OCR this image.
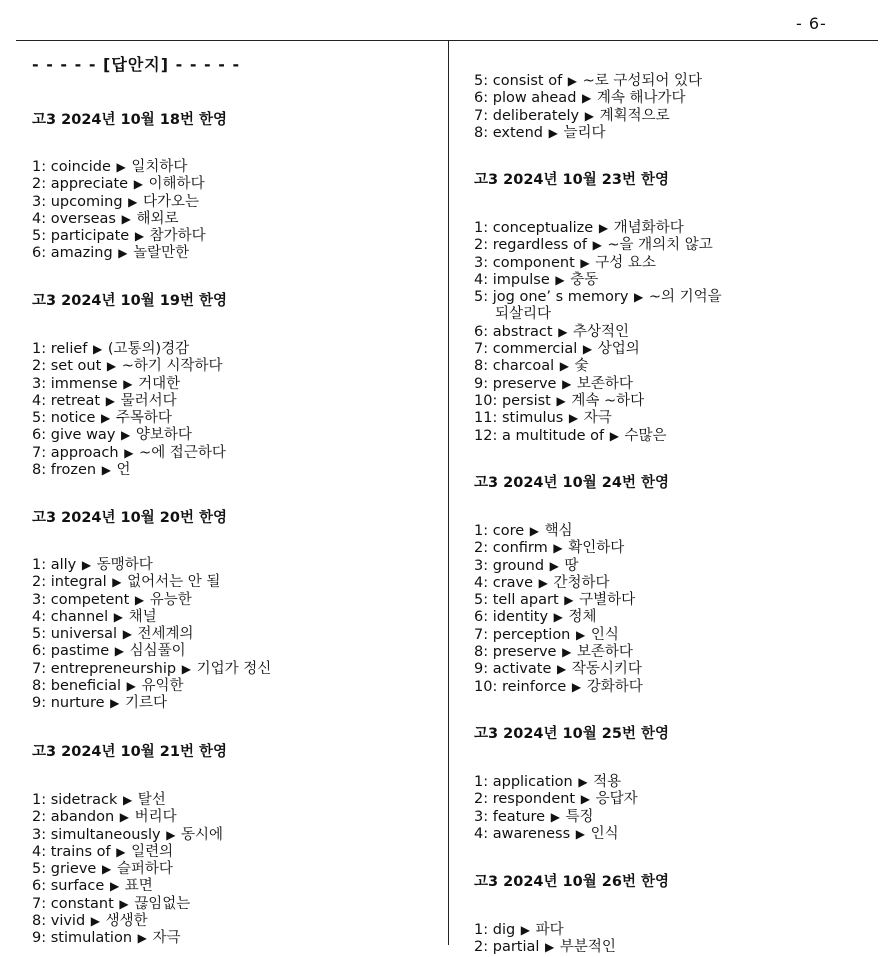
- 6-
- - - - - [답안지] - - - - -
고3 2024년 10월 18번 한영
1: coincide ▶ 일치하다
2: appreciate ▶ 이해하다
3: upcoming ▶ 다가오는
4: overseas ▶ 해외로
5: participate ▶ 참가하다
6: amazing ▶ 놀랄만한
고3 2024년 10월 19번 한영
1: relief ▶ (고통의)경감
2: set out ▶ ~하기 시작하다
3: immense ▶ 거대한
4: retreat ▶ 물러서다
5: notice ▶ 주목하다
6: give way ▶ 양보하다
7: approach ▶ ~에 접근하다
8: frozen ▶ 언
고3 2024년 10월 20번 한영
1: ally ▶ 동맹하다
2: integral ▶ 없어서는 안 될
3: competent ▶ 유능한
4: channel ▶ 채널
5: universal ▶ 전세계의
6: pastime ▶ 심심풀이
7: entrepreneurship ▶ 기업가 정신
8: beneficial ▶ 유익한
9: nurture ▶ 기르다
고3 2024년 10월 21번 한영
1: sidetrack ▶ 탈선
2: abandon ▶ 버리다
3: simultaneously ▶ 동시에
4: trains of ▶ 일련의
5: grieve ▶ 슬퍼하다
6: surface ▶ 표면
7: constant ▶ 끊임없는
8: vivid ▶ 생생한
9: stimulation ▶ 자극
5: consist of ▶ ~로 구성되어 있다
6: plow ahead ▶ 계속 해나가다
7: deliberately ▶ 계획적으로
8: extend ▶ 늘리다
고3 2024년 10월 23번 한영
1: conceptualize ▶ 개념화하다
2: regardless of ▶ ~을 개의치 않고
3: component ▶ 구성 요소
4: impulse ▶ 충동
5: jog one’ s memory ▶ ~의 기억을
되살리다
6: abstract ▶ 추상적인
7: commercial ▶ 상업의
8: charcoal ▶ 숯
9: preserve ▶ 보존하다
10: persist ▶ 계속 ~하다
11: stimulus ▶ 자극
12: a multitude of ▶ 수많은
고3 2024년 10월 24번 한영
1: core ▶ 핵심
2: confirm ▶ 확인하다
3: ground ▶ 땅
4: crave ▶ 간청하다
5: tell apart ▶ 구별하다
6: identity ▶ 정체
7: perception ▶ 인식
8: preserve ▶ 보존하다
9: activate ▶ 작동시키다
10: reinforce ▶ 강화하다
고3 2024년 10월 25번 한영
1: application ▶ 적용
2: respondent ▶ 응답자
3: feature ▶ 특징
4: awareness ▶ 인식
고3 2024년 10월 26번 한영
1: dig ▶ 파다
2: partial ▶ 부분적인
